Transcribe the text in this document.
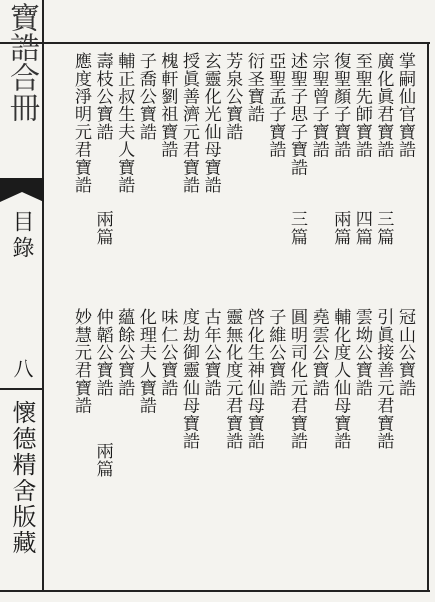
寶誥合冊
目錄
八
懷德精舍版藏
掌嗣仙官寶誥
廣化眞君寶誥
三篇
至聖先師寶誥
四篇
復聖顏子寶誥
兩篇
宗聖曾子寶誥
述聖子思子寶誥
三篇
亞聖孟子寶誥
衍圣寶誥
芳泉公寶誥
玄靈化光仙母寶誥
授眞善濟元君寶誥
槐軒劉祖寶誥
子喬公寶誥
輔正叔生夫人寶誥
壽枝公寶誥
兩篇
應度淨明元君寶誥
冠山公寶誥
引眞接善元君寶誥
雲坳公寶誥
輔化度人仙母寶誥
堯雲公寶誥
圓明司化元君寶誥
子維公寶誥
啓化生神仙母寶誥
靈無化度元君寶誥
古年公寶誥
度劫御靈仙母寶誥
味仁公寶誥
化理夫人寶誥
蘊餘公寶誥
仲韜公寶誥
兩篇
妙慧元君寶誥
